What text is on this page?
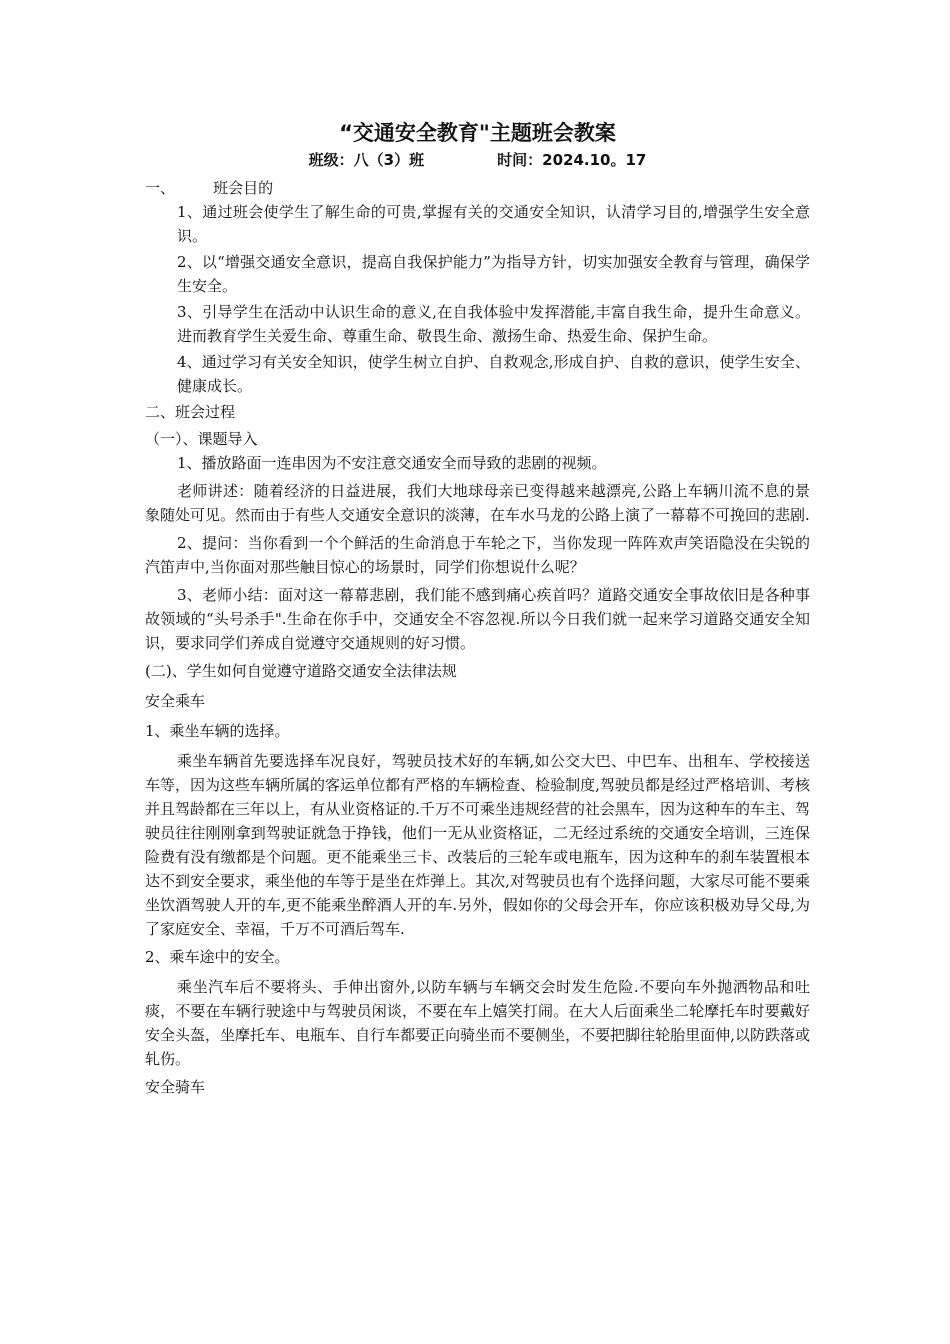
“交通安全教育"主题班会教案

班级：八（3）班              时间：2024.10。17

一、        班会目的

1、通过班会使学生了解生命的可贵,掌握有关的交通安全知识，认清学习目的,增强学生安全意识。

2、以“增强交通安全意识，提高自我保护能力”为指导方针，切实加强安全教育与管理，确保学生安全。

3、引导学生在活动中认识生命的意义,在自我体验中发挥潜能,丰富自我生命，提升生命意义。进而教育学生关爱生命、尊重生命、敬畏生命、激扬生命、热爱生命、保护生命。

4、通过学习有关安全知识，使学生树立自护、自救观念,形成自护、自救的意识，使学生安全、健康成长。

二、班会过程

（一）、课题导入

1、播放路面一连串因为不安注意交通安全而导致的悲剧的视频。

老师讲述：随着经济的日益进展，我们大地球母亲已变得越来越漂亮,公路上车辆川流不息的景象随处可见。然而由于有些人交通安全意识的淡薄，在车水马龙的公路上演了一幕幕不可挽回的悲剧.

2、提问：当你看到一个个鲜活的生命消息于车轮之下，当你发现一阵阵欢声笑语隐没在尖锐的汽笛声中,当你面对那些触目惊心的场景时，同学们你想说什么呢？

3、老师小结：面对这一幕幕悲剧，我们能不感到痛心疾首吗？道路交通安全事故依旧是各种事故领域的“头号杀手".生命在你手中，交通安全不容忽视.所以今日我们就一起来学习道路交通安全知识，要求同学们养成自觉遵守交通规则的好习惯。

(二)、学生如何自觉遵守道路交通安全法律法规

安全乘车

1、乘坐车辆的选择。

乘坐车辆首先要选择车况良好，驾驶员技术好的车辆,如公交大巴、中巴车、出租车、学校接送车等，因为这些车辆所属的客运单位都有严格的车辆检查、检验制度,驾驶员都是经过严格培训、考核并且驾龄都在三年以上，有从业资格证的.千万不可乘坐违规经营的社会黑车，因为这种车的车主、驾驶员往往刚刚拿到驾驶证就急于挣钱，他们一无从业资格证，二无经过系统的交通安全培训，三连保险费有没有缴都是个问题。更不能乘坐三卡、改装后的三轮车或电瓶车，因为这种车的刹车装置根本达不到安全要求，乘坐他的车等于是坐在炸弹上。其次,对驾驶员也有个选择问题，大家尽可能不要乘坐饮酒驾驶人开的车,更不能乘坐醉酒人开的车.另外，假如你的父母会开车，你应该积极劝导父母,为了家庭安全、幸福，千万不可酒后驾车.

2、乘车途中的安全。

乘坐汽车后不要将头、手伸出窗外,以防车辆与车辆交会时发生危险.不要向车外抛洒物品和吐痰，不要在车辆行驶途中与驾驶员闲谈，不要在车上嬉笑打闹。在大人后面乘坐二轮摩托车时要戴好安全头盔，坐摩托车、电瓶车、自行车都要正向骑坐而不要侧坐，不要把脚往轮胎里面伸,以防跌落或轧伤。

安全骑车
